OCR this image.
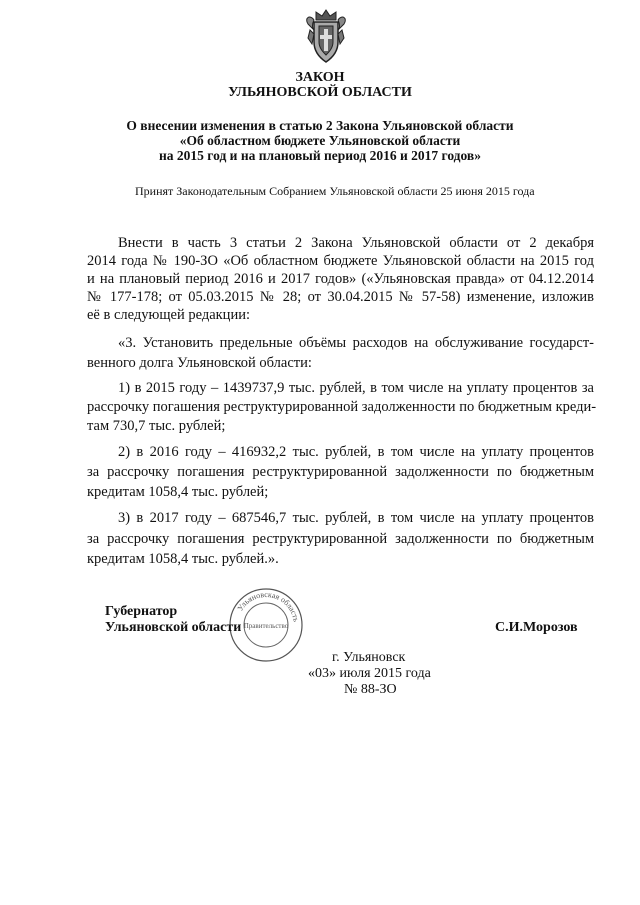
ЗАКОН
УЛЬЯНОВСКОЙ ОБЛАСТИ
О внесении изменения в статью 2 Закона Ульяновской области
«Об областном бюджете Ульяновской области
на 2015 год и на плановый период 2016 и 2017 годов»
Принят Законодательным Собранием Ульяновской области 25 июня 2015 года
Внести в часть 3 статьи 2 Закона Ульяновской области от 2 декабря
2014 года № 190-ЗО «Об областном бюджете Ульяновской области на 2015 год
и на плановый период 2016 и 2017 годов» («Ульяновская правда» от 04.12.2014
№ 177-178; от 05.03.2015 № 28; от 30.04.2015 № 57-58) изменение, изложив
её в следующей редакции:
«3. Установить предельные объёмы расходов на обслуживание государст-
венного долга Ульяновской области:
1) в 2015 году – 1439737,9 тыс. рублей, в том числе на уплату процентов за
рассрочку погашения реструктурированной задолженности по бюджетным креди-
там 730,7 тыс. рублей;
2) в 2016 году – 416932,2 тыс. рублей, в том числе на уплату процентов
за рассрочку погашения реструктурированной задолженности по бюджетным
кредитам 1058,4 тыс. рублей;
3) в 2017 году – 687546,7 тыс. рублей, в том числе на уплату процентов
за рассрочку погашения реструктурированной задолженности по бюджетным
кредитам 1058,4 тыс. рублей.».
Ульяновская область
Правительство
Губернатор
Ульяновской области	С.И.Морозов
г. Ульяновск
«03» июля 2015 года
№ 88-ЗО
